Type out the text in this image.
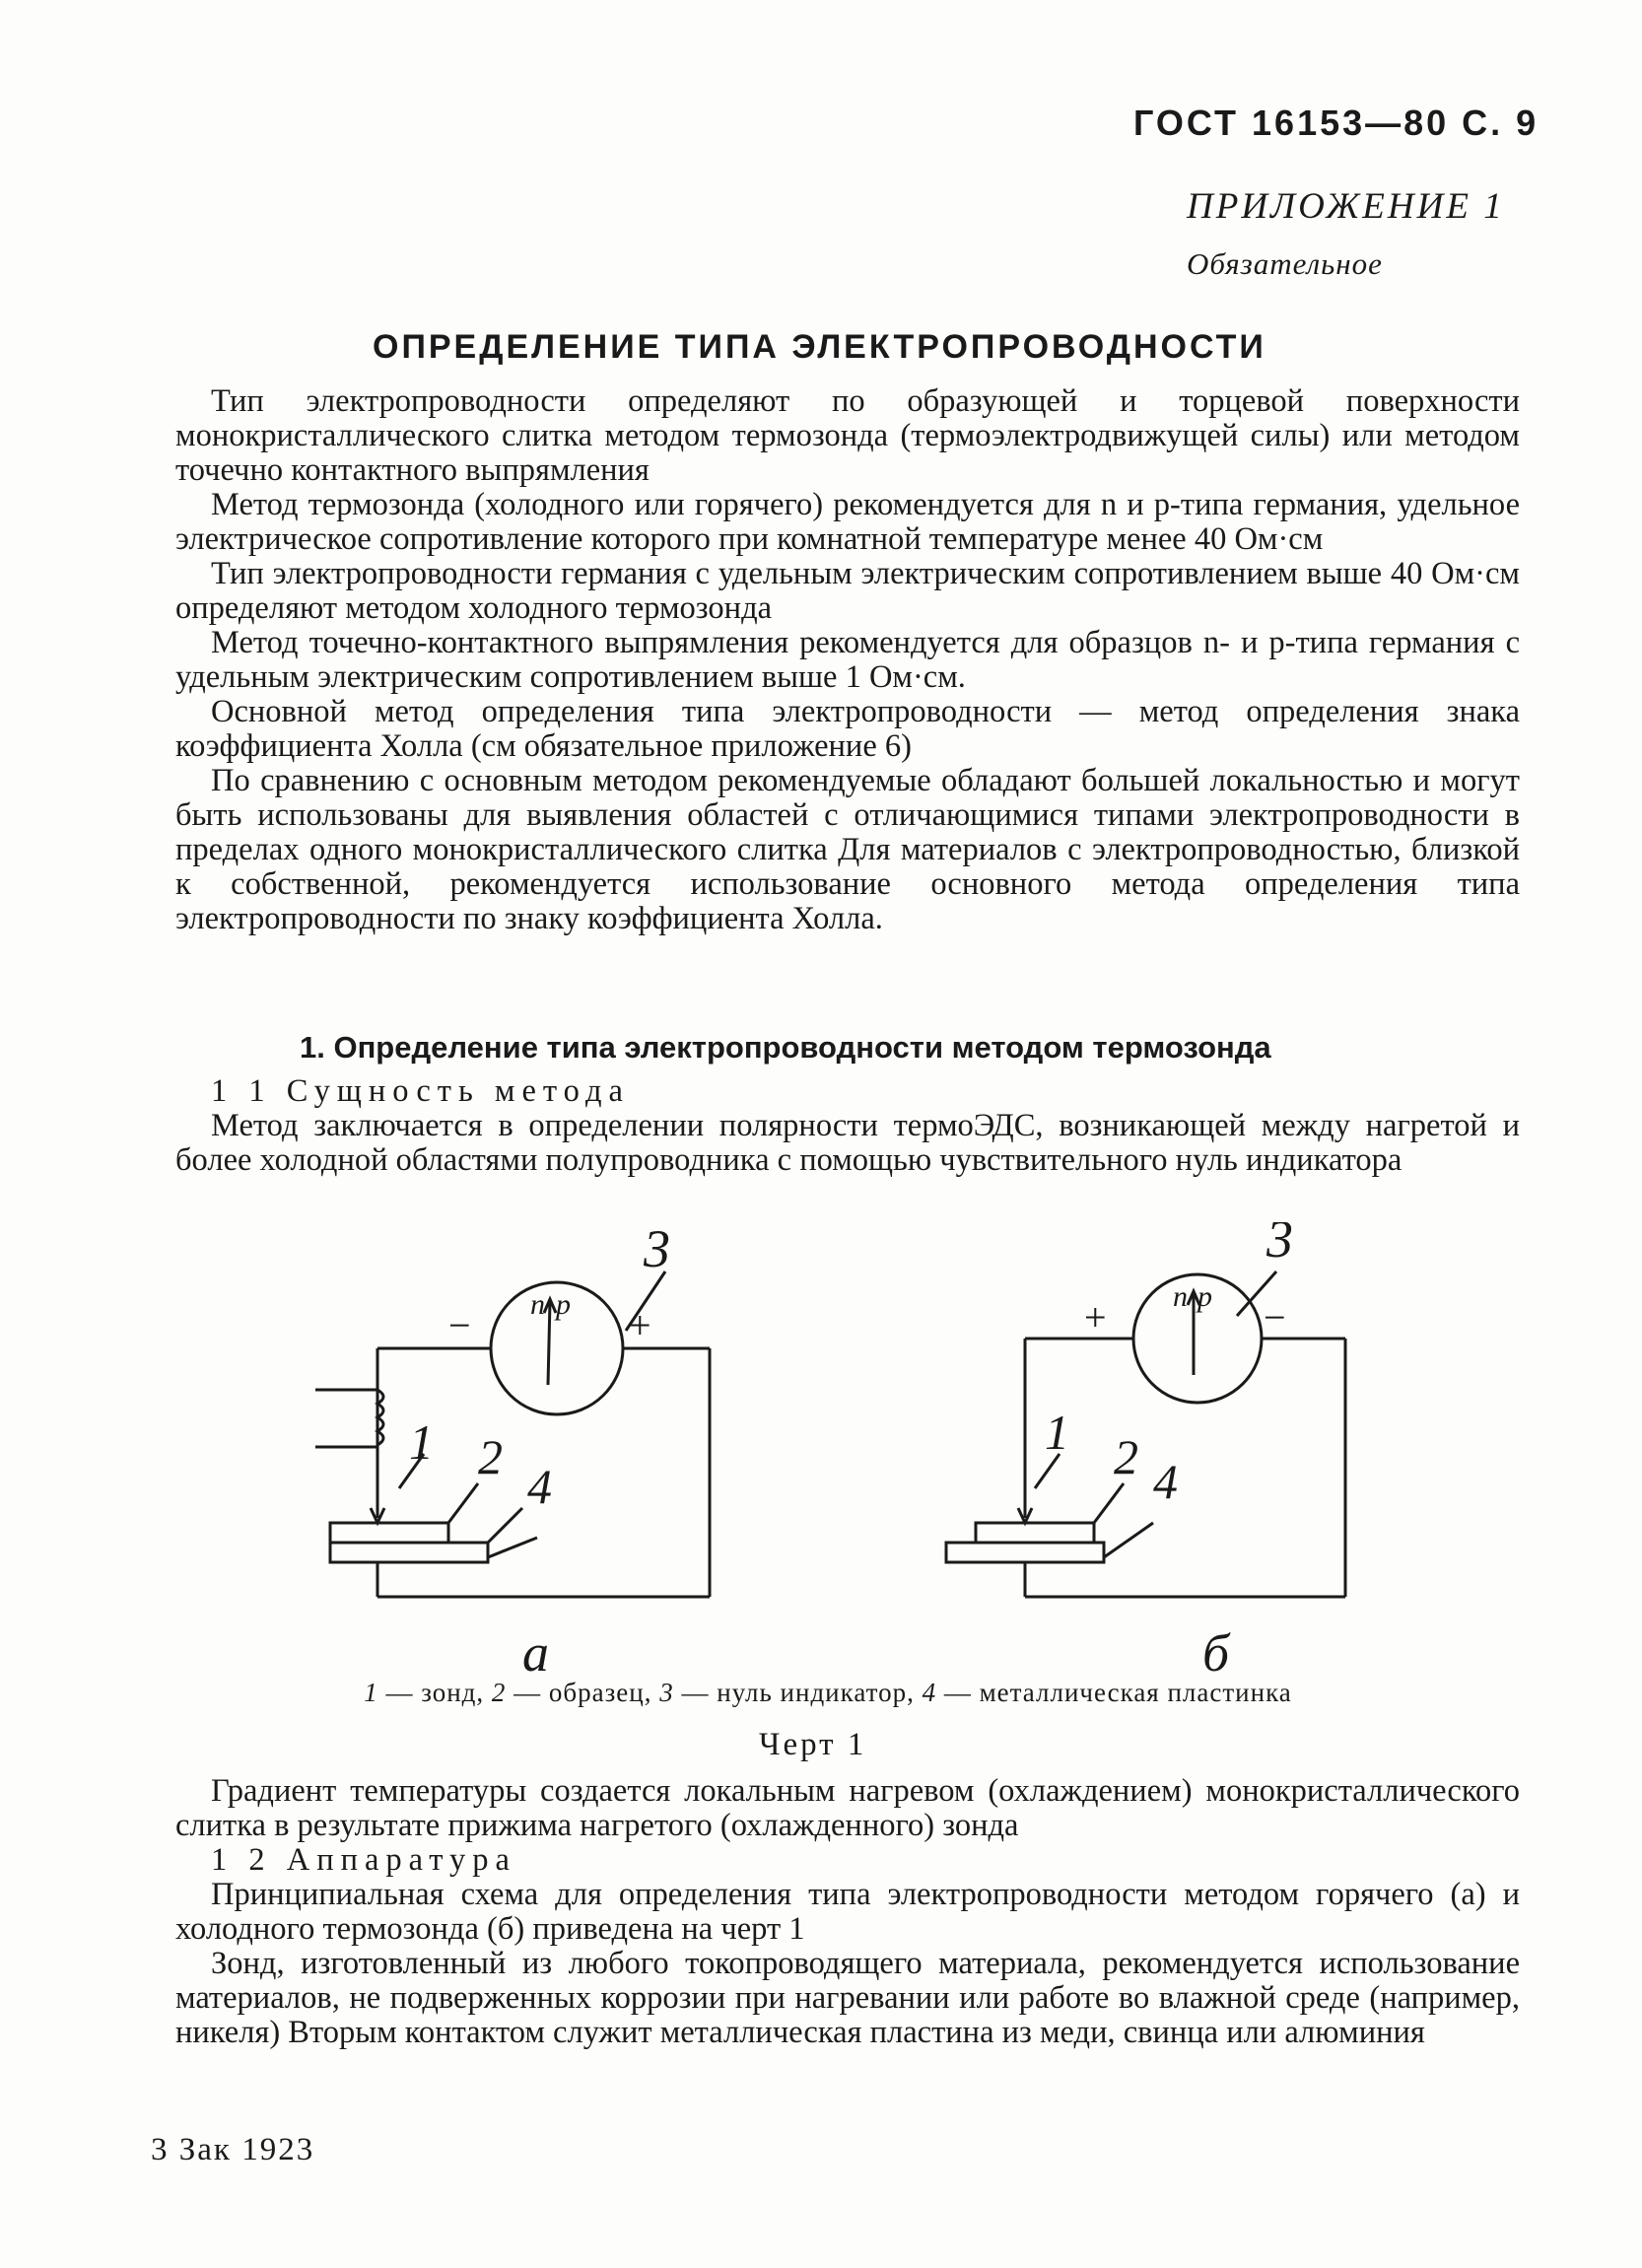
ГОСТ 16153—80 С. 9
ПРИЛОЖЕНИЕ 1
Обязательное
ОПРЕДЕЛЕНИЕ ТИПА ЭЛЕКТРОПРОВОДНОСТИ

Тип электропроводности определяют по образующей и торцевой поверхности монокристаллического слитка методом термозонда (термоэлектродвижущей силы) или методом точечно контактного выпрямления

Метод термозонда (холодного или горячего) рекомендуется для n и p-типа германия, удельное электрическое сопротивление которого при комнатной температуре менее 40 Ом·см

Тип электропроводности германия с удельным электрическим сопротивлением выше 40 Ом·см определяют методом холодного термозонда

Метод точечно-контактного выпрямления рекомендуется для образцов n- и p-типа германия с удельным электрическим сопротивлением выше 1 Ом·см.

Основной метод определения типа электропроводности — метод определения знака коэффициента Холла (см обязательное приложение 6)

По сравнению с основным методом рекомендуемые обладают большей локальностью и могут быть использованы для выявления областей с отличающимися типами электропроводности в пределах одного монокристаллического слитка Для материалов с электропроводностью, близкой к собственной, рекомендуется использование основного метода определения типа электропроводности по знаку коэффициента Холла.

1. Определение типа электропроводности методом термозонда

1 1 Сущность метода

Метод заключается в определении полярности термоЭДС, возникающей между нагретой и более холодной областями полупроводника с помощью чувствительного нуль индикатора

n p
−	+
3
1 2
4
а
n p
+	−
3
1 2 4
б
1 — зонд, 2 — образец, 3 — нуль индикатор, 4 — металлическая пластинка
Черт 1

Градиент температуры создается локальным нагревом (охлаждением) монокристаллического слитка в результате прижима нагретого (охлажденного) зонда

1 2 Аппаратура

Принципиальная схема для определения типа электропроводности методом горячего (а) и холодного термозонда (б) приведена на черт 1

Зонд, изготовленный из любого токопроводящего материала, рекомендуется использование материалов, не подверженных коррозии при нагревании или работе во влажной среде (например, никеля) Вторым контактом служит металлическая пластина из меди, свинца или алюминия

3 Зак 1923
